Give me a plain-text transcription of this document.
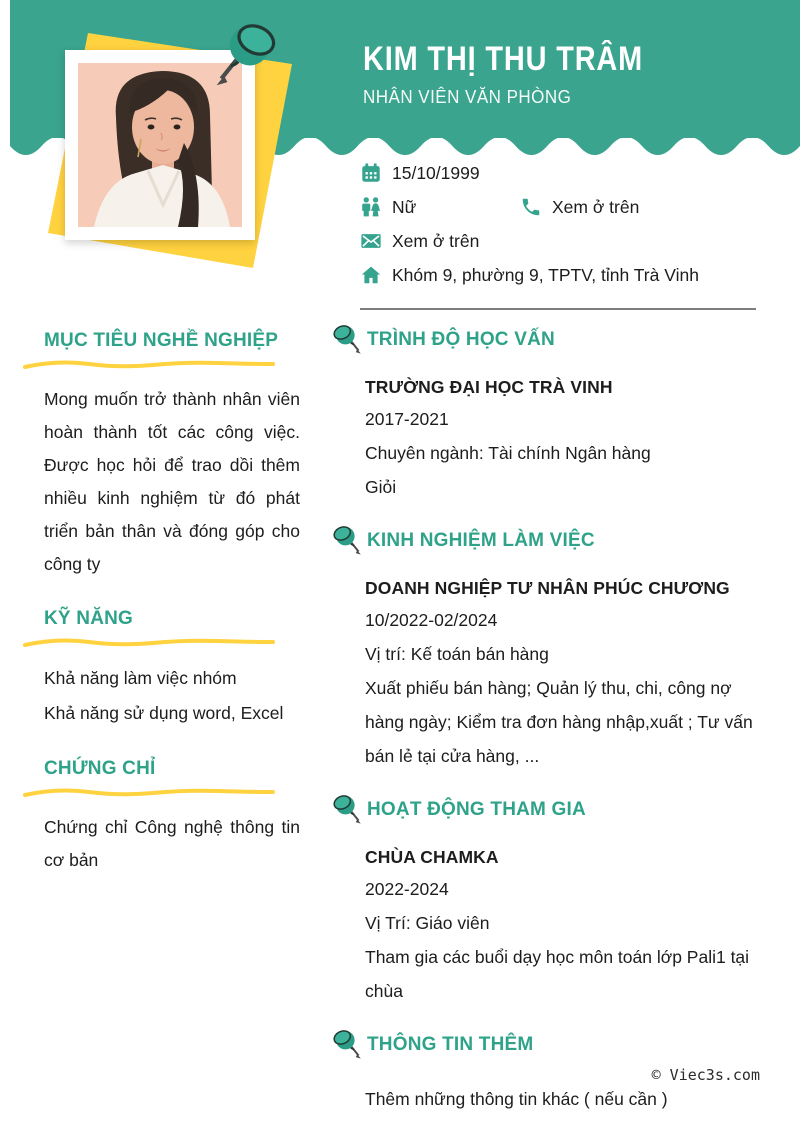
KIM THỊ THU TRÂM
NHÂN VIÊN VĂN PHÒNG
15/10/1999
Nữ	Xem ở trên
Xem ở trên
Khóm 9, phường 9, TPTV, tỉnh Trà Vinh
MỤC TIÊU NGHỀ NGHIỆP

Mong muốn trở thành nhân viên hoàn thành tốt các công việc. Được học hỏi để trao dồi thêm nhiều kinh nghiệm từ đó phát triển bản thân và đóng góp cho công ty

KỸ NĂNG

Khả năng làm việc nhóm

Khả năng sử dụng word, Excel

CHỨNG CHỈ

Chứng chỉ Công nghệ thông tin cơ bản

TRÌNH ĐỘ HỌC VẤN
TRƯỜNG ĐẠI HỌC TRÀ VINH

2017-2021

Chuyên ngành: Tài chính Ngân hàng

Giỏi

KINH NGHIỆM LÀM VIỆC
DOANH NGHIỆP TƯ NHÂN PHÚC CHƯƠNG

10/2022-02/2024

Vị trí: Kế toán bán hàng

Xuất phiếu bán hàng; Quản lý thu, chi, công nợ hàng ngày; Kiểm tra đơn hàng nhập,xuất ; Tư vấn bán lẻ tại cửa hàng, ...

HOẠT ĐỘNG THAM GIA
CHÙA CHAMKA

2022-2024

Vị Trí: Giáo viên

Tham gia các buổi dạy học môn toán lớp Pali1 tại chùa

THÔNG TIN THÊM

Thêm những thông tin khác ( nếu cần )

© Viec3s.com
